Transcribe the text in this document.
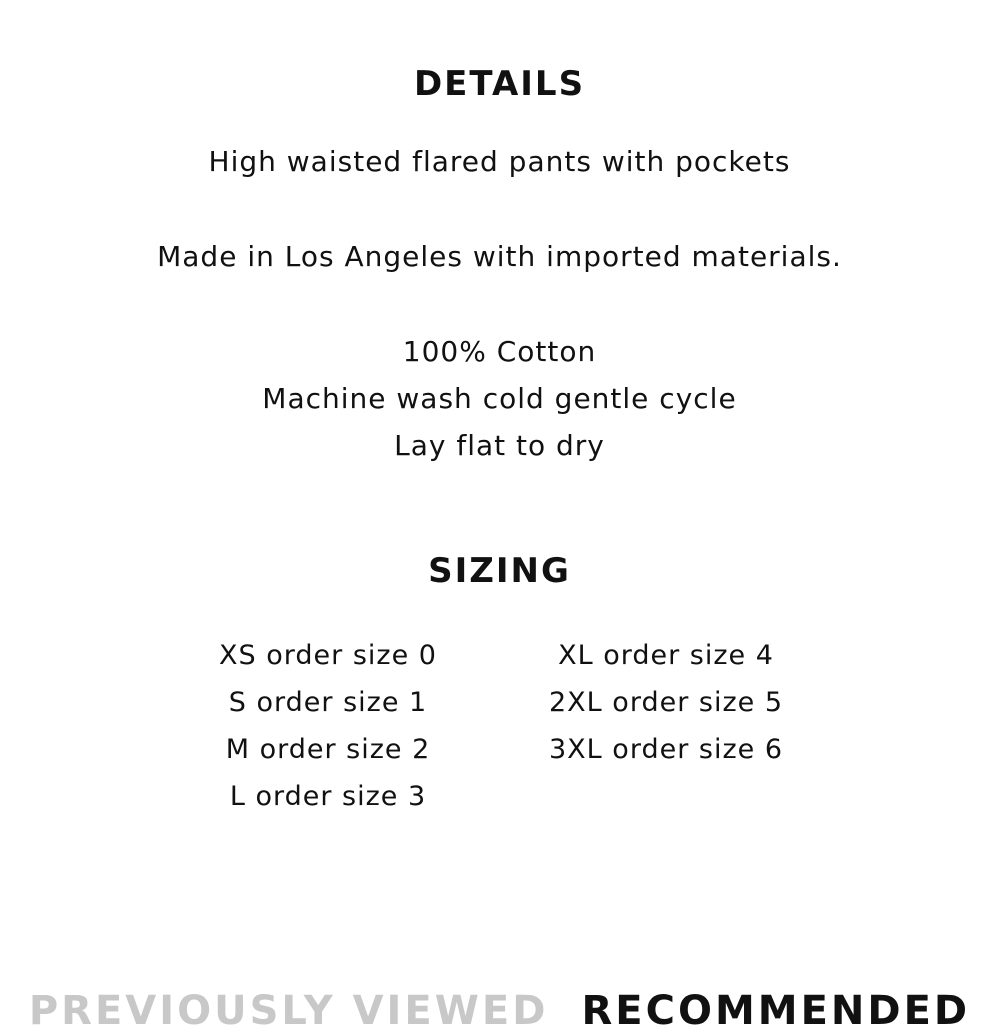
DETAILS

High waisted flared pants with pockets

Made in Los Angeles with imported materials.

100% Cotton

Machine wash cold gentle cycle

Lay flat to dry

SIZING
XS order size 0
S order size 1
M order size 2
L order size 3
XL order size 4
2XL order size 5
3XL order size 6
PREVIOUSLY VIEWED RECOMMENDED
